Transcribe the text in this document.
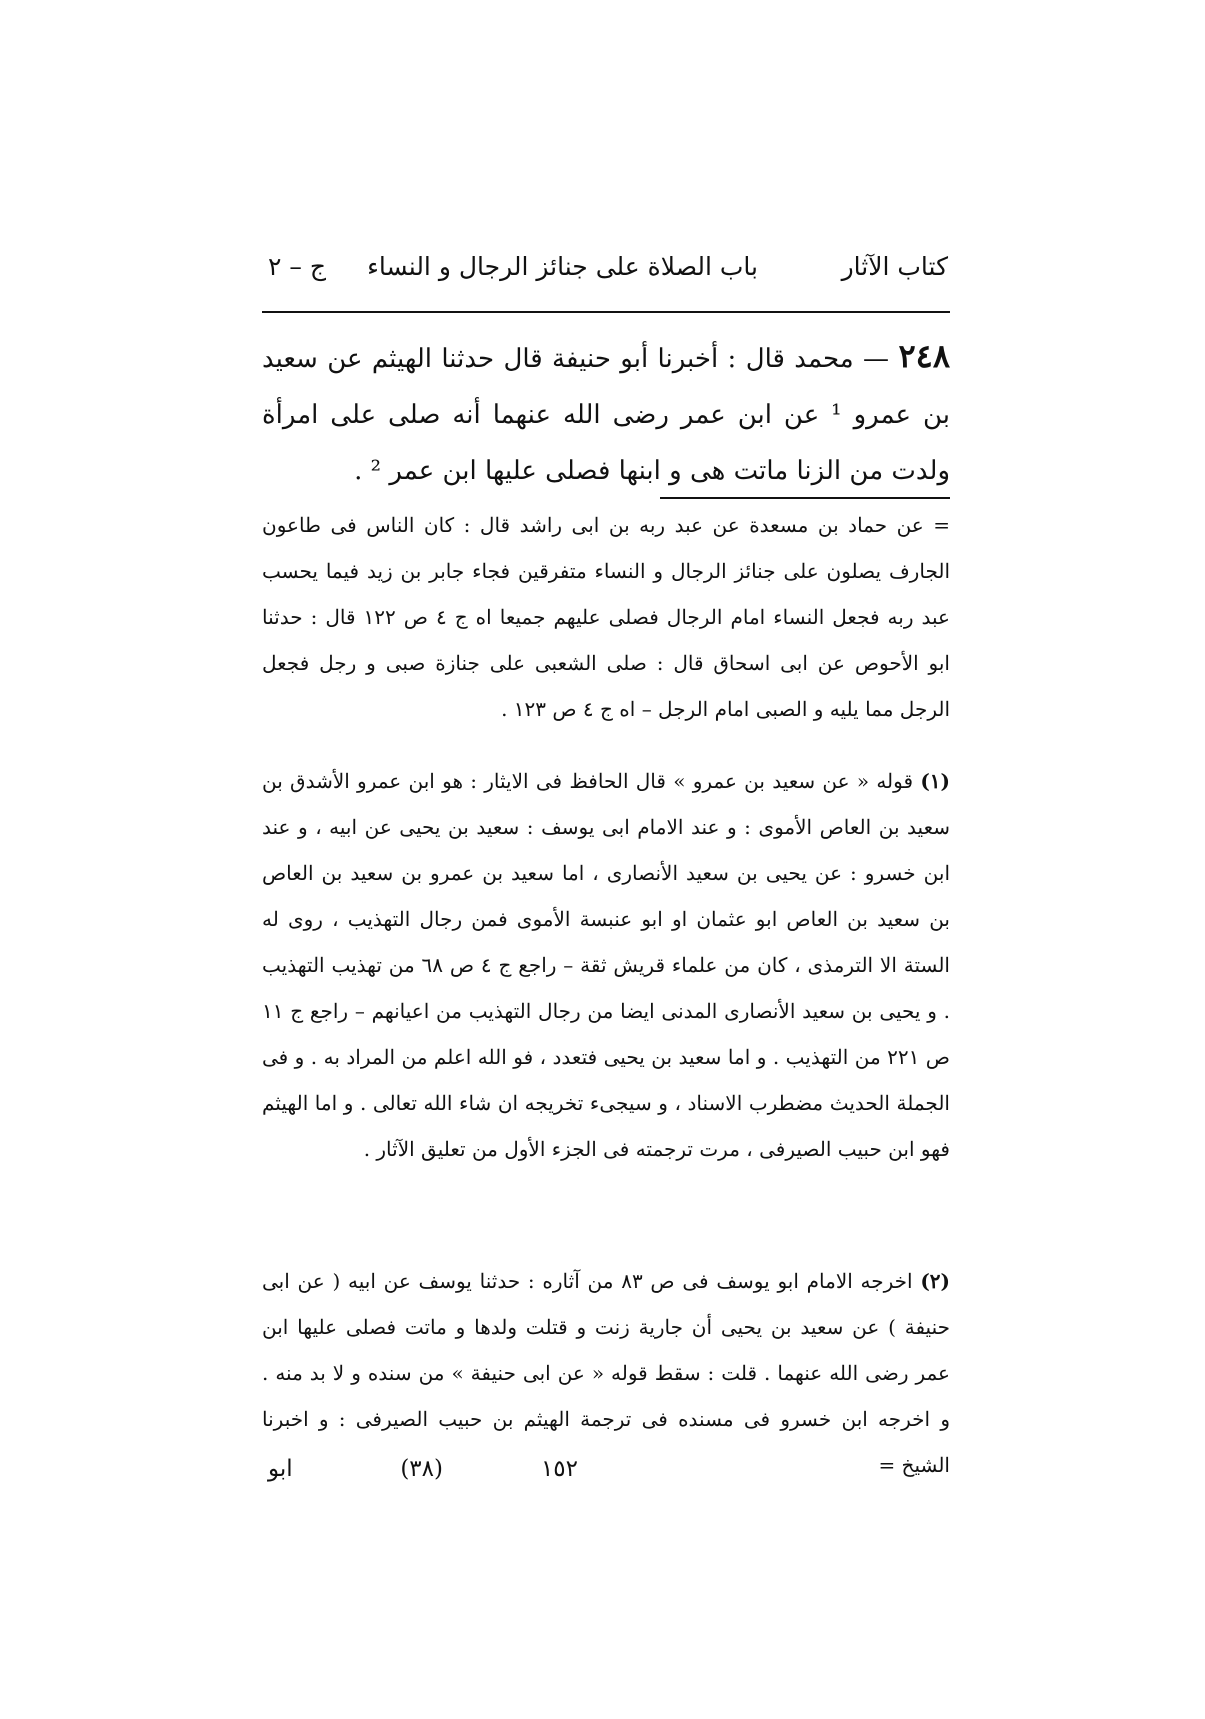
كتاب الآثار
باب الصلاة على جنائز الرجال و النساء
ج – ٢
٢٤٨ — محمد قال : أخبرنا أبو حنيفة قال حدثنا الهيثم عن سعيد بن عمرو ¹ عن ابن عمر رضى الله عنهما أنه صلى على امرأة ولدت من الزنا ماتت هى و ابنها فصلى عليها ابن عمر ² .
= عن حماد بن مسعدة عن عبد ربه بن ابى راشد قال : كان الناس فى طاعون الجارف يصلون على جنائز الرجال و النساء متفرقين فجاء جابر بن زيد فيما يحسب عبد ربه فجعل النساء امام الرجال فصلى عليهم جميعا اه ج ٤ ص ١٢٢ قال : حدثنا ابو الأحوص عن ابى اسحاق قال : صلى الشعبى على جنازة صبى و رجل فجعل الرجل مما يليه و الصبى امام الرجل – اه ج ٤ ص ١٢٣ .
(١) قوله « عن سعيد بن عمرو » قال الحافظ فى الايثار : هو ابن عمرو الأشدق بن سعيد بن العاص الأموى : و عند الامام ابى يوسف : سعيد بن يحيى عن ابيه ، و عند ابن خسرو : عن يحيى بن سعيد الأنصارى ، اما سعيد بن عمرو بن سعيد بن العاص بن سعيد بن العاص ابو عثمان او ابو عنبسة الأموى فمن رجال التهذيب ، روى له الستة الا الترمذى ، كان من علماء قريش ثقة – راجع ج ٤ ص ٦٨ من تهذيب التهذيب . و يحيى بن سعيد الأنصارى المدنى ايضا من رجال التهذيب من اعيانهم – راجع ج ١١ ص ٢٢١ من التهذيب . و اما سعيد بن يحيى فتعدد ، فو الله اعلم من المراد به . و فى الجملة الحديث مضطرب الاسناد ، و سيجىء تخريجه ان شاء الله تعالى . و اما الهيثم فهو ابن حبيب الصيرفى ، مرت ترجمته فى الجزء الأول من تعليق الآثار .
(٢) اخرجه الامام ابو يوسف فى ص ٨٣ من آثاره : حدثنا يوسف عن ابيه ( عن ابى حنيفة ) عن سعيد بن يحيى أن جارية زنت و قتلت ولدها و ماتت فصلى عليها ابن عمر رضى الله عنهما . قلت : سقط قوله « عن ابى حنيفة » من سنده و لا بد منه . و اخرجه ابن خسرو فى مسنده فى ترجمة الهيثم بن حبيب الصيرفى : و اخبرنا الشيخ =
١٥٢
(٣٨)
ابو
